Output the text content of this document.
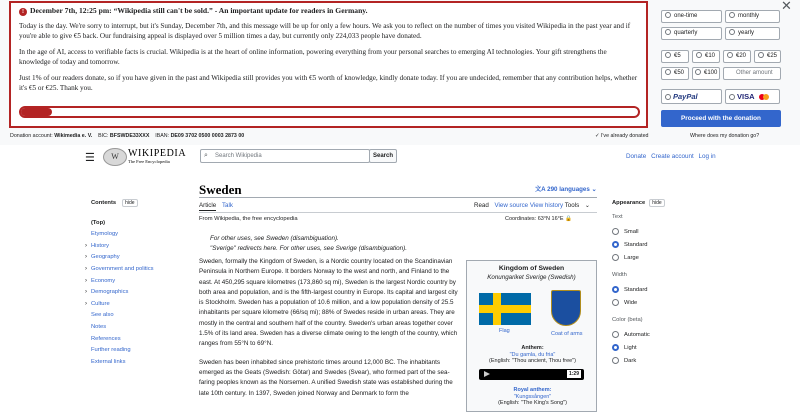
! December 7th, 12:25 pm: “Wikipedia still can't be sold.” - An important update for readers in Germany.

Today is the day. We're sorry to interrupt, but it's Sunday, December 7th, and this message will be up for only a few hours. We ask you to reflect on the number of times you visited Wikipedia in the past year and if you're able to give €5 back. Our fundraising appeal is displayed over 5 million times a day, but currently only 224,033 people have donated.

In the age of AI, access to verifiable facts is crucial. Wikipedia is at the heart of online information, powering everything from your personal searches to emerging AI technologies. Your gift strengthens the knowledge of today and tomorrow.

Just 1% of our readers donate, so if you have given in the past and Wikipedia still provides you with €5 worth of knowledge, kindly donate today. If you are undecided, remember that any contribution helps, whether it's €5 or €25. Thank you.

one-time	monthly
quarterly	yearly
€5	€10	€20	€25
€50	€100	Other amount
PayPal	VISA
Proceed with the donation
✕
Donation account: Wikimedia e. V. BIC: BFSWDE33XXX IBAN: DE09 3702 0500 0003 2873 00	✓ I've already donated	Where does my donation go?
☰	W WIKIPEDIA
The Free Encyclopedia
⌕ Search Wikipedia	Search	Donate Create account Log in
Contents hide
(Top)
Etymology
› History
› Geography
› Government and politics
› Economy
› Demographics
› Culture
See also
Notes
References
Further reading
External links
Sweden	文A 290 languages ⌄
Article Talk	Read View source View history Tools ⌄
From Wikipedia, the free encyclopedia	Coordinates: 63°N 16°E 🔒
For other uses, see Sweden (disambiguation).
"Sverige" redirects here. For other uses, see Sverige (disambiguation).

Sweden, formally the Kingdom of Sweden, is a Nordic country located on the Scandinavian Peninsula in Northern Europe. It borders Norway to the west and north, and Finland to the east. At 450,295 square kilometres (173,860 sq mi), Sweden is the largest Nordic country by both area and population, and is the fifth-largest country in Europe. Its capital and largest city is Stockholm. Sweden has a population of 10.6 million, and a low population density of 25.5 inhabitants per square kilometre (66/sq mi); 88% of Swedes reside in urban areas. They are mostly in the central and southern half of the country. Sweden's urban areas together cover 1.5% of its land area. Sweden has a diverse climate owing to the length of the country, which ranges from 55°N to 69°N.

Sweden has been inhabited since prehistoric times around 12,000 BC. The inhabitants emerged as the Geats (Swedish: Götar) and Swedes (Svear), who formed part of the sea-faring peoples known as the Norsemen. A unified Swedish state was established during the late 10th century. In 1397, Sweden joined Norway and Denmark to form the

Kingdom of Sweden
Konungariket Sverige (Swedish)
Flag	Coat of arms
Anthem:
"Du gamla, du fria"
(English: "Thou ancient, Thou free")
1:29
Royal anthem:
"Kungssången"
(English: "The King's Song")
Appearance hide
Text
Small
Standard
Large
Width
Standard
Wide
Color (beta)
Automatic
Light
Dark
